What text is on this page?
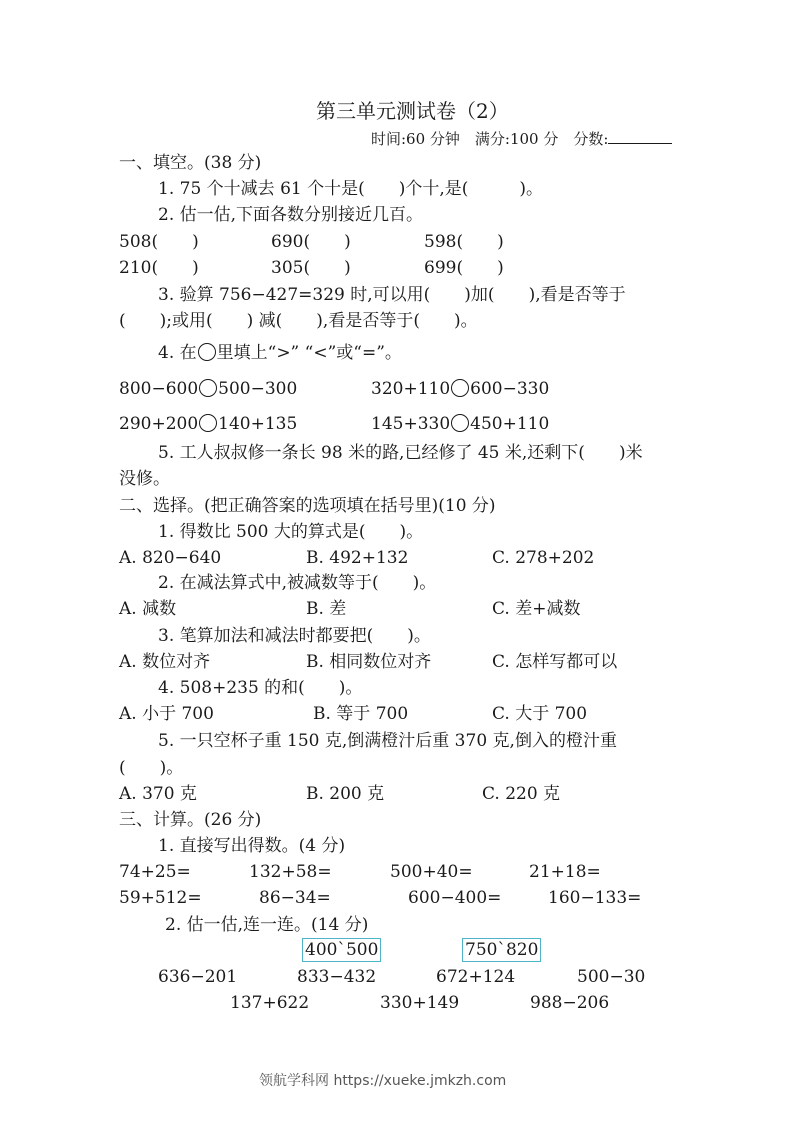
第三单元测试卷（2）
时间:60 分钟　满分:100 分　分数:
一、填空。(38 分)
1. 75 个十减去 61 个十是(　　)个十,是(　　　)。
2. 估一估,下面各数分别接近几百。
508(　　)	690(　　)	598(　　)
210(　　)	305(　　)	699(　　)
3. 验算 756−427=329 时,可以用(　　)加(　　),看是否等于
(　　);或用(　　) 减(　　),看是否等于(　　)。
4. 在 里填上“>” “<”或“=”。
800−600 500−300	320+110 600−330
290+200 140+135	145+330 450+110
5. 工人叔叔修一条长 98 米的路,已经修了 45 米,还剩下(　　)米
没修。
二、选择。(把正确答案的选项填在括号里)(10 分)
1. 得数比 500 大的算式是(　　)。
A. 820−640	B. 492+132	C. 278+202
2. 在减法算式中,被减数等于(　　)。
A. 减数	B. 差	C. 差+减数
3. 笔算加法和减法时都要把(　　)。
A. 数位对齐	B. 相同数位对齐	C. 怎样写都可以
4. 508+235 的和(　　)。
A. 小于 700	B. 等于 700	C. 大于 700
5. 一只空杯子重 150 克,倒满橙汁后重 370 克,倒入的橙汁重
(　　)。
A. 370 克	B. 200 克	C. 220 克
三、计算。(26 分)
1. 直接写出得数。(4 分)
74+25=	132+58=	500+40=	21+18=
59+512=	86−34=	600−400=	160−133=
2. 估一估,连一连。(14 分)
400ˋ500	750ˋ820
636−201	833−432	672+124	500−30
137+622	330+149	988−206
领航学科网 https://xueke.jmkzh.com
